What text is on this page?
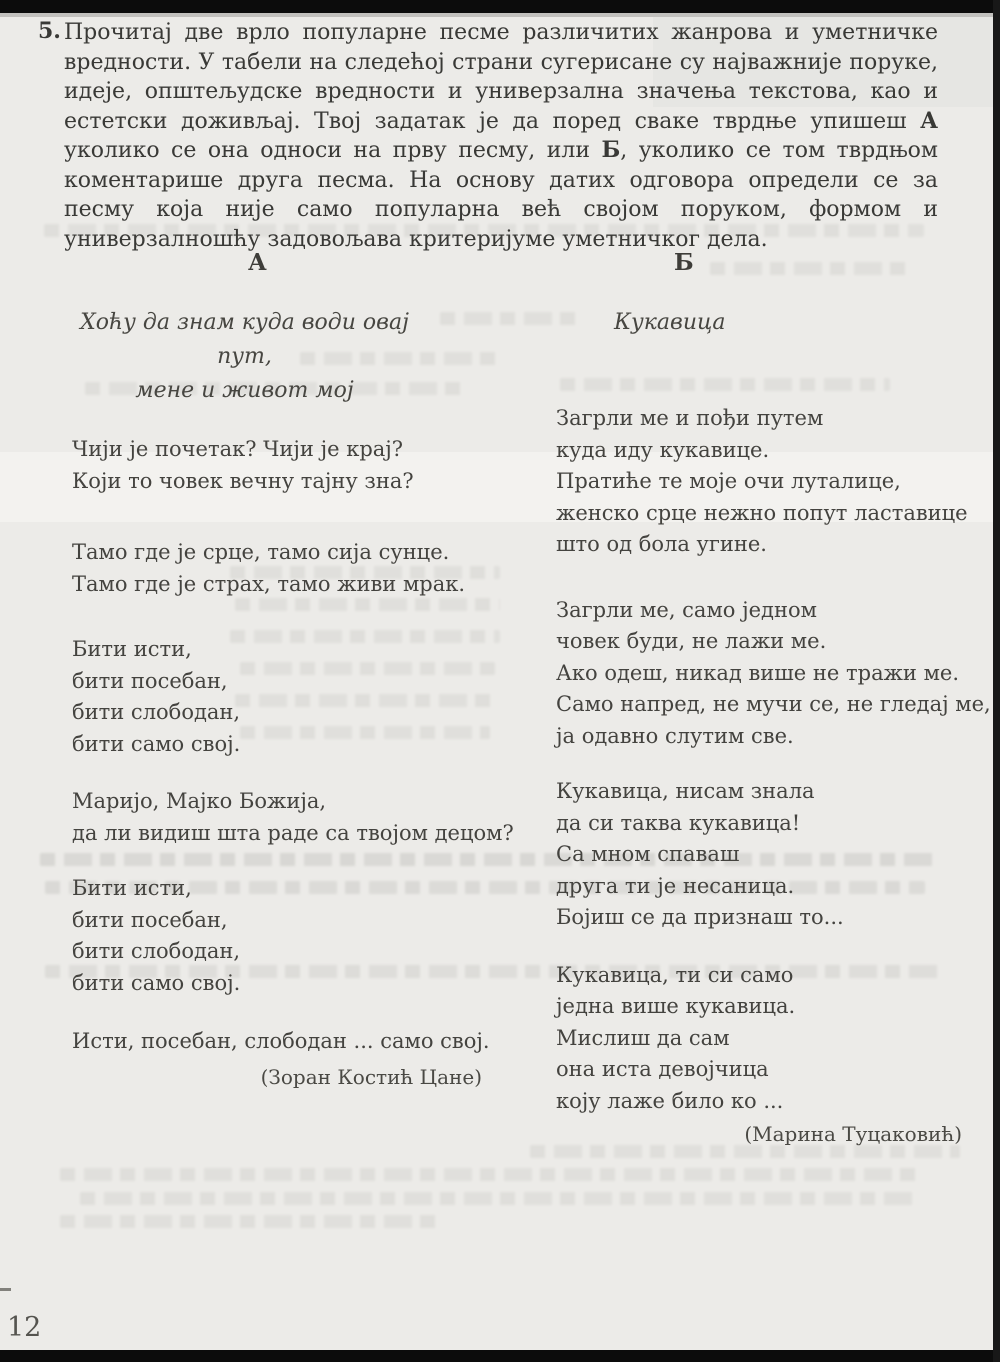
5. Прочитај две врло популарне песме различитих жанрова и уметничке вредности. У табели на следећој страни сугерисане су најважније поруке, идеје, општељудске вредности и универзална значења текстова, као и естетски доживљај. Твој задатак је да поред сваке тврдње упишеш А уколико се она односи на прву песму, или Б, уколико се том тврдњом коментарише друга песма. На основу датих одговора определи се за песму која није само популарна већ својом поруком, формом и универзалношћу задовољава критеријуме уметничког дела.

А
Хоћу да знам куда води овај пут,
мене и живот мој
Чији је почетак? Чији је крај?
Који то човек вечну тајну зна?
Тамо где је срце, тамо сија сунце.
Тамо где је страх, тамо живи мрак.
Бити исти,
бити посебан,
бити слободан,
бити само свој.
Маријо, Мајко Божија,
да ли видиш шта раде са твојом децом?
Бити исти,
бити посебан,
бити слободан,
бити само свој.
Исти, посебан, слободан ... само свој.
(Зоран Костић Цане)
Б
Кукавица
Загрли ме и пођи путем
куда иду кукавице.
Пратиће те моје очи луталице,
женско срце нежно попут ластавице
што од бола угине.
Загрли ме, само једном
човек буди, не лажи ме.
Ако одеш, никад више не тражи ме.
Само напред, не мучи се, не гледај ме,
ја одавно слутим све.
Кукавица, нисам знала
да си таква кукавица!
Са мном спаваш
друга ти је несаница.
Бојиш се да признаш то...
Кукавица, ти си само
једна више кукавица.
Мислиш да сам
она иста девојчица
коју лаже било ко ...
(Марина Туцаковић)
12
